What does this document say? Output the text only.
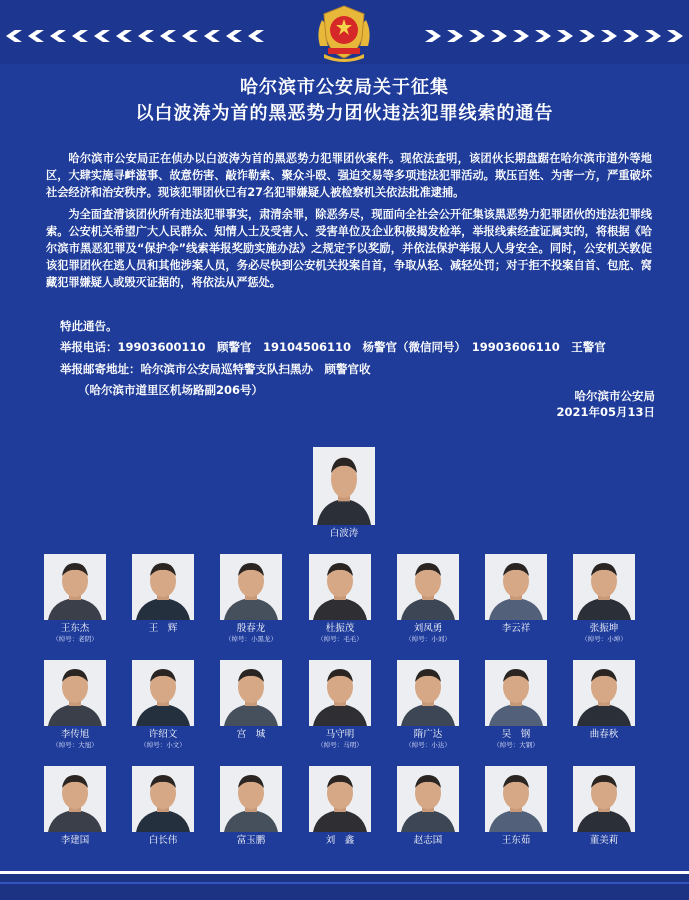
哈尔滨市公安局关于征集
以白波涛为首的黑恶势力团伙违法犯罪线索的通告
哈尔滨市公安局正在侦办以白波涛为首的黑恶势力犯罪团伙案件。现依法查明，该团伙长期盘踞在哈尔滨市道外等地区，大肆实施寻衅滋事、故意伤害、敲诈勒索、聚众斗殴、强迫交易等多项违法犯罪活动。欺压百姓、为害一方，严重破坏社会经济和治安秩序。现该犯罪团伙已有27名犯罪嫌疑人被检察机关依法批准逮捕。
为全面查清该团伙所有违法犯罪事实，肃清余罪，除恶务尽，现面向全社会公开征集该黑恶势力犯罪团伙的违法犯罪线索。公安机关希望广大人民群众、知情人士及受害人、受害单位及企业积极揭发检举，举报线索经查证属实的，将根据《哈尔滨市黑恶犯罪及“保护伞”线索举报奖励实施办法》之规定予以奖励，并依法保护举报人人身安全。同时，公安机关敦促该犯罪团伙在逃人员和其他涉案人员，务必尽快到公安机关投案自首，争取从轻、减轻处罚；对于拒不投案自首、包庇、窝藏犯罪嫌疑人或毁灭证据的，将依法从严惩处。
特此通告。
举报电话：19903600110　顾警官　19104506110　杨警官（微信同号）　19903606110　王警官
举报邮寄地址：哈尔滨市公安局巡特警支队扫黑办　顾警官收
（哈尔滨市道里区机场路副206号）	哈尔滨市公安局
2021年05月13日
白波涛
王东杰
（绰号：老阴）
王　辉	殷春龙
（绰号：小黑龙）
杜振茂
（绰号：毛毛）
刘凤勇
（绰号：小刘）
李云祥	张振坤
（绰号：小坤）
李传旭
（绰号：大旭）
许绍文
（绰号：小文）
宫　城	马守明
（绰号：马明）
隋广达
（绰号：小达）
吴　钢
（绰号：大钢）
曲春秋
李建国	白长伟	富玉鹏	刘　鑫	赵志国	王东茹	董美莉
